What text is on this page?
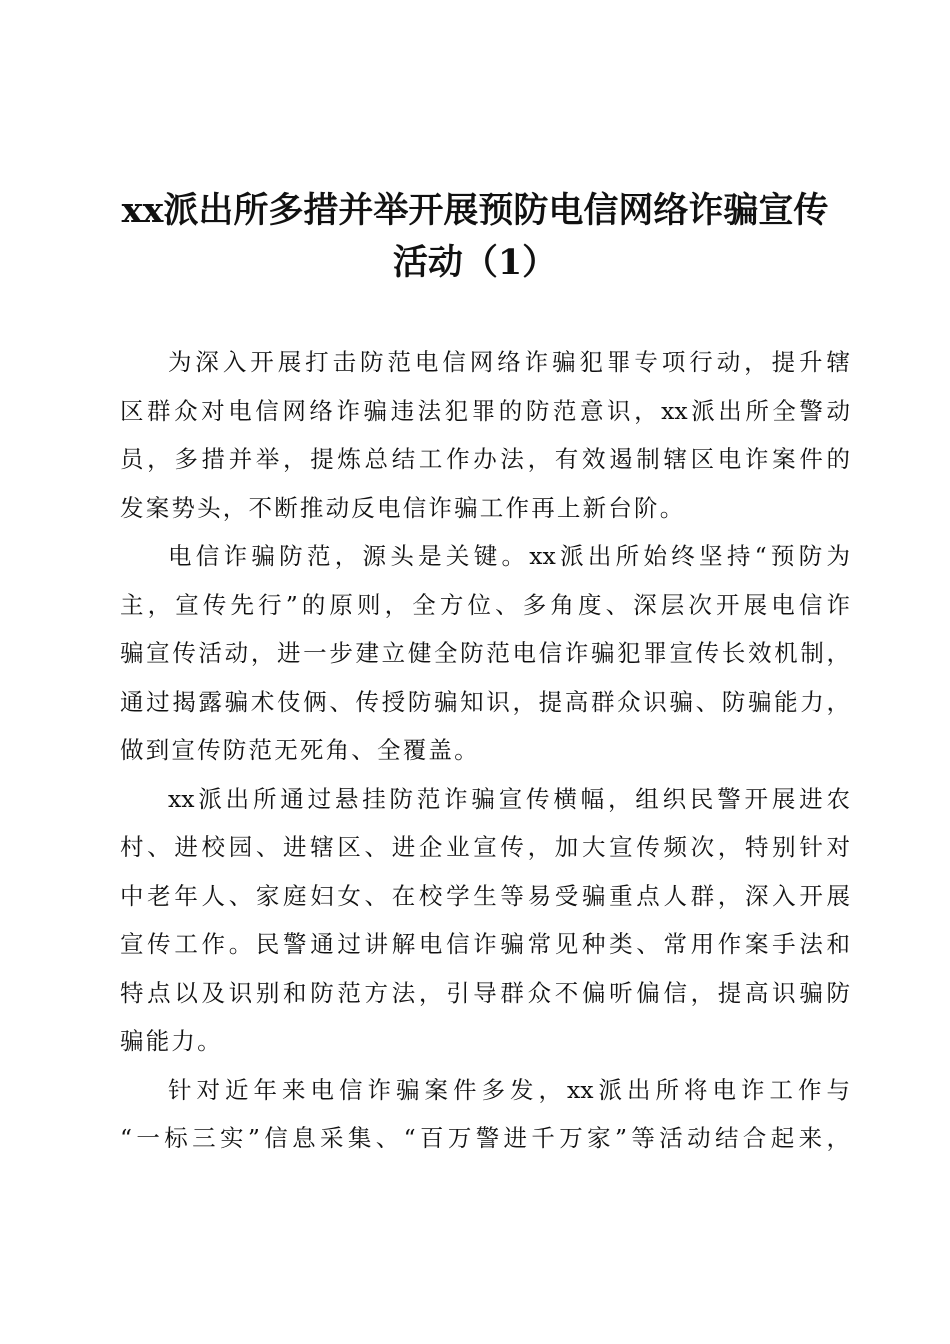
xx派出所多措并举开展预防电信网络诈骗宣传
活动（1）
为深入开展打击防范电信网络诈骗犯罪专项行动，提升辖
区群众对电信网络诈骗违法犯罪的防范意识，xx派出所全警动
员，多措并举，提炼总结工作办法，有效遏制辖区电诈案件的
发案势头，不断推动反电信诈骗工作再上新台阶。
电信诈骗防范，源头是关键。xx派出所始终坚持“预防为
主，宣传先行”的原则，全方位、多角度、深层次开展电信诈
骗宣传活动，进一步建立健全防范电信诈骗犯罪宣传长效机制，
通过揭露骗术伎俩、传授防骗知识，提高群众识骗、防骗能力，
做到宣传防范无死角、全覆盖。
xx派出所通过悬挂防范诈骗宣传横幅，组织民警开展进农
村、进校园、进辖区、进企业宣传，加大宣传频次，特别针对
中老年人、家庭妇女、在校学生等易受骗重点人群，深入开展
宣传工作。民警通过讲解电信诈骗常见种类、常用作案手法和
特点以及识别和防范方法，引导群众不偏听偏信，提高识骗防
骗能力。
针对近年来电信诈骗案件多发，xx派出所将电诈工作与
“一标三实”信息采集、“百万警进千万家”等活动结合起来，
